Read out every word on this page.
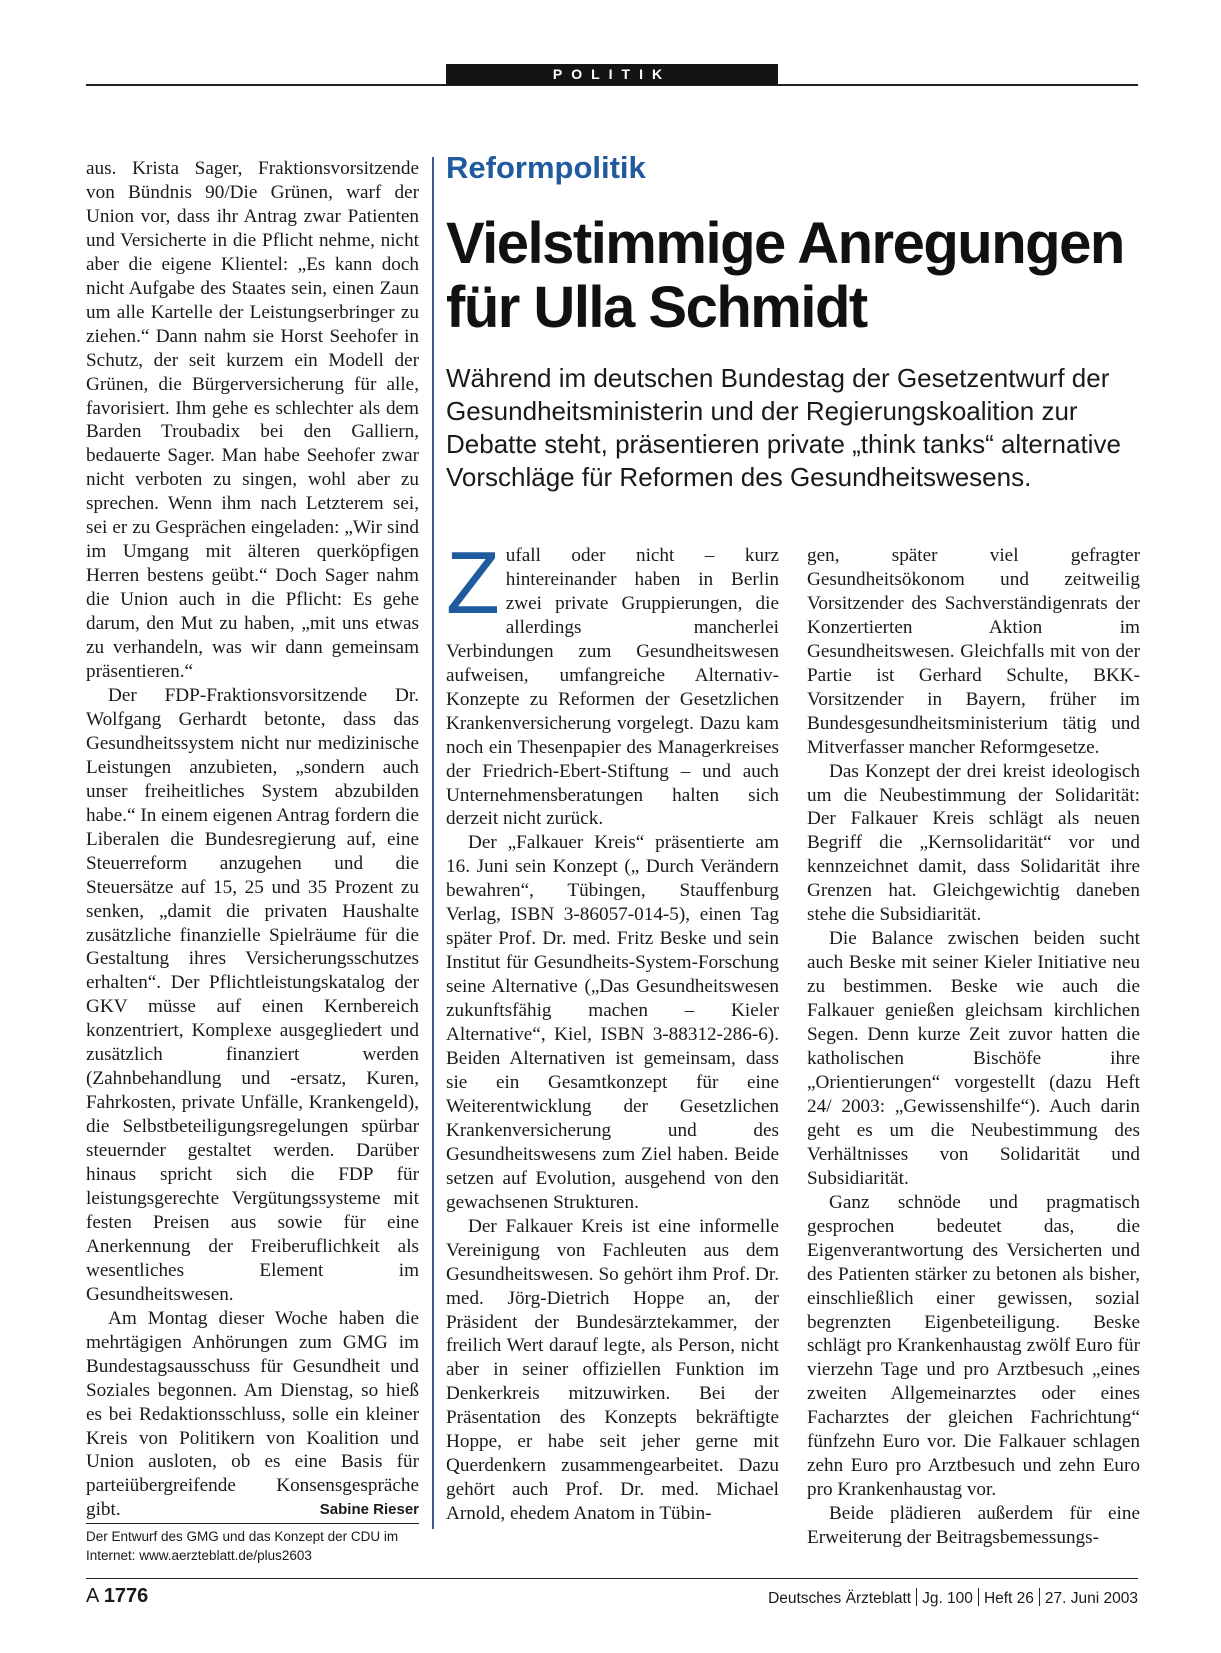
POLITIK

aus. Krista Sager, Fraktionsvorsitzende von Bündnis 90/Die Grünen, warf der Union vor, dass ihr Antrag zwar Patienten und Versicherte in die Pflicht nehme, nicht aber die eigene Klientel: „Es kann doch nicht Aufgabe des Staates sein, einen Zaun um alle Kartelle der Leistungserbringer zu ziehen.“ Dann nahm sie Horst Seehofer in Schutz, der seit kurzem ein Modell der Grünen, die Bürgerversicherung für alle, favorisiert. Ihm gehe es schlechter als dem Barden Troubadix bei den Galliern, bedauerte Sager. Man habe Seehofer zwar nicht verboten zu singen, wohl aber zu sprechen. Wenn ihm nach Letzterem sei, sei er zu Gesprächen eingeladen: „Wir sind im Umgang mit älteren querköpfigen Herren bestens geübt.“ Doch Sager nahm die Union auch in die Pflicht: Es gehe darum, den Mut zu haben, „mit uns etwas zu verhandeln, was wir dann gemeinsam präsentieren.“

Der FDP-Fraktionsvorsitzende Dr. Wolfgang Gerhardt betonte, dass das Gesundheitssystem nicht nur medizinische Leistungen anzubieten, „sondern auch unser freiheitliches System abzubilden habe.“ In einem eigenen Antrag fordern die Liberalen die Bundesregierung auf, eine Steuerreform anzugehen und die Steuersätze auf 15, 25 und 35 Prozent zu senken, „damit die privaten Haushalte zusätzliche finanzielle Spielräume für die Gestaltung ihres Versicherungsschutzes erhalten“. Der Pflichtleistungskatalog der GKV müsse auf einen Kernbereich konzentriert, Komplexe ausgegliedert und zusätzlich finanziert werden (Zahnbehandlung und -ersatz, Kuren, Fahrkosten, private Unfälle, Krankengeld), die Selbstbeteiligungsregelungen spürbar steuernder gestaltet werden. Darüber hinaus spricht sich die FDP für leistungsgerechte Vergütungssysteme mit festen Preisen aus sowie für eine Anerkennung der Freiberuflichkeit als wesentliches Element im Gesundheitswesen.

Am Montag dieser Woche haben die mehrtägigen Anhörungen zum GMG im Bundestagsausschuss für Gesundheit und Soziales begonnen. Am Dienstag, so hieß es bei Redaktionsschluss, solle ein kleiner Kreis von Politikern von Koalition und Union ausloten, ob es eine Basis für parteiübergreifende Konsensgespräche gibt.	Sabine Rieser

Der Entwurf des GMG und das Konzept der CDU im Internet: www.aerzteblatt.de/plus2603
Reformpolitik
Vielstimmige Anregungen für Ulla Schmidt
Während im deutschen Bundestag der Gesetzentwurf der Gesundheitsministerin und der Regierungskoalition zur Debatte steht, präsentieren private „think tanks“ alternative Vorschläge für Reformen des Gesundheitswesens.

Zufall oder nicht – kurz hintereinander haben in Berlin zwei private Gruppierungen, die allerdings mancherlei Verbindungen zum Gesundheitswesen aufweisen, umfangreiche Alternativ-Konzepte zu Reformen der Gesetzlichen Krankenversicherung vorgelegt. Dazu kam noch ein Thesenpapier des Managerkreises der Friedrich-Ebert-Stiftung – und auch Unternehmensberatungen halten sich derzeit nicht zurück.

Der „Falkauer Kreis“ präsentierte am 16. Juni sein Konzept („ Durch Verändern bewahren“, Tübingen, Stauffenburg Verlag, ISBN 3-86057-014-5), einen Tag später Prof. Dr. med. Fritz Beske und sein Institut für Gesundheits-System-Forschung seine Alternative („Das Gesundheitswesen zukunftsfähig machen – Kieler Alternative“, Kiel, ISBN 3-88312-286-6). Beiden Alternativen ist gemeinsam, dass sie ein Gesamtkonzept für eine Weiterentwicklung der Gesetzlichen Krankenversicherung und des Gesundheitswesens zum Ziel haben. Beide setzen auf Evolution, ausgehend von den gewachsenen Strukturen.

Der Falkauer Kreis ist eine informelle Vereinigung von Fachleuten aus dem Gesundheitswesen. So gehört ihm Prof. Dr. med. Jörg-Dietrich Hoppe an, der Präsident der Bundesärztekammer, der freilich Wert darauf legte, als Person, nicht aber in seiner offiziellen Funktion im Denkerkreis mitzuwirken. Bei der Präsentation des Konzepts bekräftigte Hoppe, er habe seit jeher gerne mit Querdenkern zusammengearbeitet. Dazu gehört auch Prof. Dr. med. Michael Arnold, ehedem Anatom in Tübin-

gen, später viel gefragter Gesundheitsökonom und zeitweilig Vorsitzender des Sachverständigenrats der Konzertierten Aktion im Gesundheitswesen. Gleichfalls mit von der Partie ist Gerhard Schulte, BKK-Vorsitzender in Bayern, früher im Bundesgesundheitsministerium tätig und Mitverfasser mancher Reformgesetze.

Das Konzept der drei kreist ideologisch um die Neubestimmung der Solidarität: Der Falkauer Kreis schlägt als neuen Begriff die „Kernsolidarität“ vor und kennzeichnet damit, dass Solidarität ihre Grenzen hat. Gleichgewichtig daneben stehe die Subsidiarität.

Die Balance zwischen beiden sucht auch Beske mit seiner Kieler Initiative neu zu bestimmen. Beske wie auch die Falkauer genießen gleichsam kirchlichen Segen. Denn kurze Zeit zuvor hatten die katholischen Bischöfe ihre „Orientierungen“ vorgestellt (dazu Heft 24/ 2003: „Gewissenshilfe“). Auch darin geht es um die Neubestimmung des Verhältnisses von Solidarität und Subsidiarität.

Ganz schnöde und pragmatisch gesprochen bedeutet das, die Eigenverantwortung des Versicherten und des Patienten stärker zu betonen als bisher, einschließlich einer gewissen, sozial begrenzten Eigenbeteiligung. Beske schlägt pro Krankenhaustag zwölf Euro für vierzehn Tage und pro Arztbesuch „eines zweiten Allgemeinarztes oder eines Facharztes der gleichen Fachrichtung“ fünfzehn Euro vor. Die Falkauer schlagen zehn Euro pro Arztbesuch und zehn Euro pro Krankenhaustag vor.

Beide plädieren außerdem für eine Erweiterung der Beitragsbemessungs-

A 1776	Deutsches Ärzteblatt Jg. 100 Heft 26 27. Juni 2003
